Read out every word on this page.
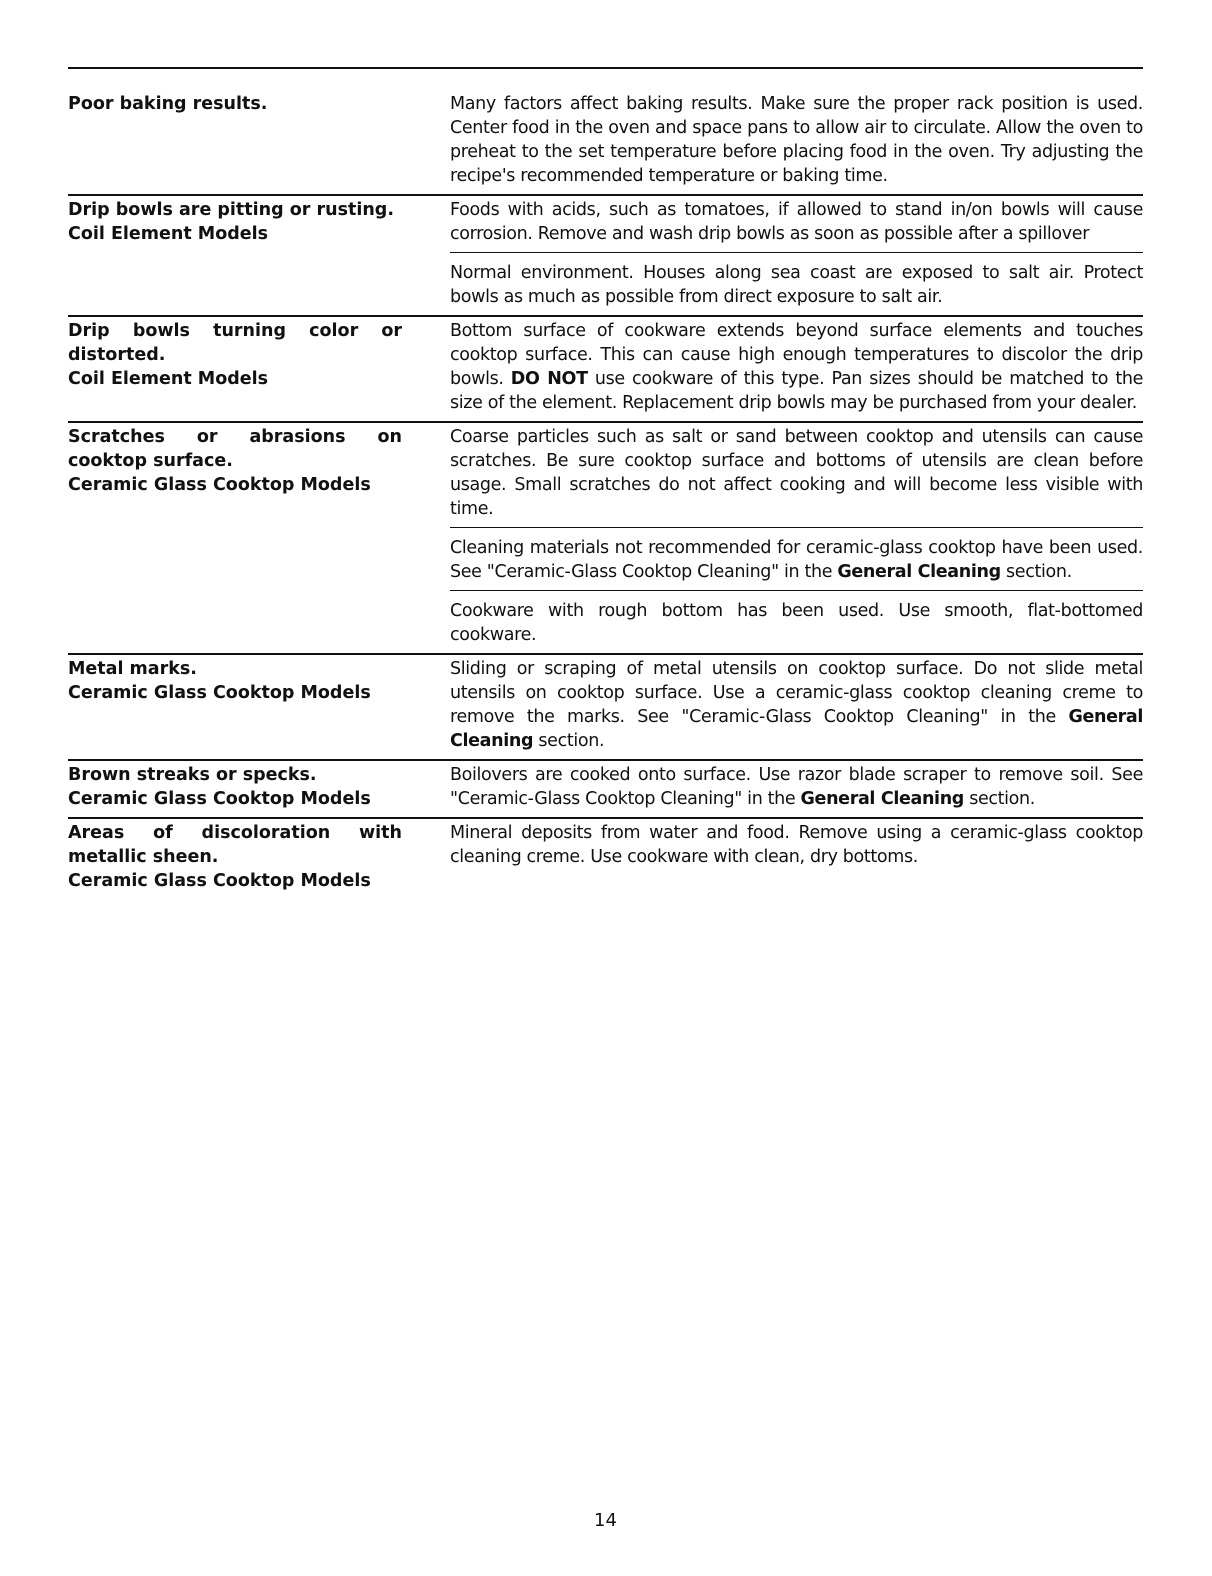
Poor baking results.	Many factors affect baking results. Make sure the proper rack position is used. Center food in the oven and space pans to allow air to circulate. Allow the oven to preheat to the set temperature before placing food in the oven. Try adjusting the recipe's recommended temperature or baking time.
Drip bowls are pitting or rusting.
Coil Element Models
Foods with acids, such as tomatoes, if allowed to stand in/on bowls will cause corrosion. Remove and wash drip bowls as soon as possible after a spillover
Normal environment. Houses along sea coast are exposed to salt air. Protect bowls as much as possible from direct exposure to salt air.
Drip bowls turning color or distorted.
Coil Element Models
Bottom surface of cookware extends beyond surface elements and touches cooktop surface. This can cause high enough temperatures to discolor the drip bowls. DO NOT use cookware of this type. Pan sizes should be matched to the size of the element. Replacement drip bowls may be purchased from your dealer.
Scratches or abrasions on cooktop surface.
Ceramic Glass Cooktop Models
Coarse particles such as salt or sand between cooktop and utensils can cause scratches. Be sure cooktop surface and bottoms of utensils are clean before usage. Small scratches do not affect cooking and will become less visible with time.
Cleaning materials not recommended for ceramic-glass cooktop have been used. See "Ceramic-Glass Cooktop Cleaning" in the General Cleaning section.
Cookware with rough bottom has been used. Use smooth, flat-bottomed cookware.
Metal marks.
Ceramic Glass Cooktop Models
Sliding or scraping of metal utensils on cooktop surface. Do not slide metal utensils on cooktop surface. Use a ceramic-glass cooktop cleaning creme to remove the marks. See "Ceramic-Glass Cooktop Cleaning" in the General Cleaning section.
Brown streaks or specks.
Ceramic Glass Cooktop Models
Boilovers are cooked onto surface. Use razor blade scraper to remove soil. See "Ceramic-Glass Cooktop Cleaning" in the General Cleaning section.
Areas of discoloration with metallic sheen.
Ceramic Glass Cooktop Models
Mineral deposits from water and food. Remove using a ceramic-glass cooktop cleaning creme. Use cookware with clean, dry bottoms.
14
